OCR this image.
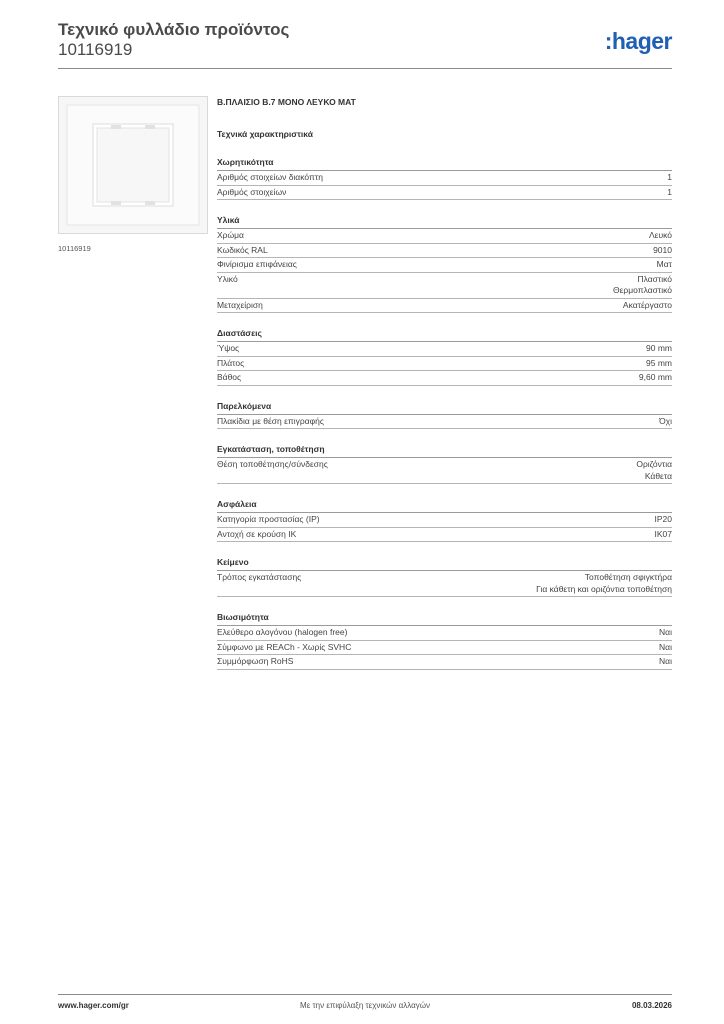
Τεχνικό φυλλάδιο προϊόντος
10116919	:hager
10116919
B.ΠΛΑΙΣΙΟ B.7 ΜΟΝΟ ΛΕΥΚΟ ΜΑΤ
Τεχνικά χαρακτηριστικά
Χωρητικότητα
Αριθμός στοιχείων διακόπτη	1
Αριθμός στοιχείων	1
Υλικά
Χρώμα	Λευκό
Κωδικός RAL	9010
Φινίρισμα επιφάνειας	Ματ
Υλικό	Πλαστικό
Θερμοπλαστικό
Μεταχείριση	Ακατέργαστο
Διαστάσεις
Ύψος	90 mm
Πλάτος	95 mm
Βάθος	9,60 mm
Παρελκόμενα
Πλακίδια με θέση επιγραφής	Όχι
Εγκατάσταση, τοποθέτηση
Θέση τοποθέτησης/σύνδεσης	Οριζόντια
Κάθετα
Ασφάλεια
Κατηγορία προστασίας (IP)	IP20
Αντοχή σε κρούση IK	IK07
Κείμενο
Τρόπος εγκατάστασης	Τοποθέτηση σφιγκτήρα
Για κάθετη και οριζόντια τοποθέτηση
Βιωσιμότητα
Ελεύθερο αλογόνου (halogen free)	Ναι
Σύμφωνο με REACh - Χωρίς SVHC	Ναι
Συμμόρφωση RoHS	Ναι
www.hager.com/gr	Με την επιφύλαξη τεχνικών αλλαγών	08.03.2026
